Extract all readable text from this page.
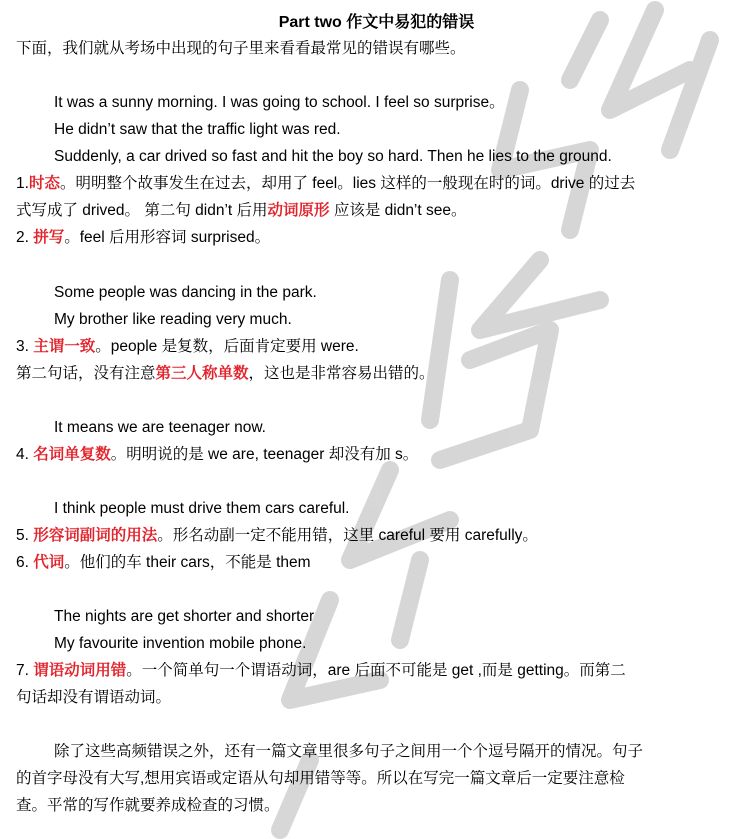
Part two 作文中易犯的错误
下面，我们就从考场中出现的句子里来看看最常见的错误有哪些。
It was a sunny morning. I was going to school. I feel so surprise。
He didn’t saw that the traffic light was red.
Suddenly, a car drived so fast and hit the boy so hard. Then he lies to the ground.
1.时态。明明整个故事发生在过去，却用了 feel。lies 这样的一般现在时的词。drive 的过去
式写成了 drived。 第二句 didn’t 后用动词原形 应该是 didn’t see。
2. 拼写。feel 后用形容词 surprised。
Some people was dancing in the park.
My brother like reading very much.
3. 主谓一致。people 是复数，后面肯定要用 were.
第二句话，没有注意第三人称单数，这也是非常容易出错的。
It means we are teenager now.
4. 名词单复数。明明说的是 we are, teenager 却没有加 s。
I think people must drive them cars careful.
5. 形容词副词的用法。形名动副一定不能用错，这里 careful 要用 carefully。
6. 代词。他们的车 their cars，不能是 them
The nights are get shorter and shorter
My favourite invention mobile phone.
7. 谓语动词用错。一个简单句一个谓语动词，are 后面不可能是 get ,而是 getting。而第二
句话却没有谓语动词。
除了这些高频错误之外，还有一篇文章里很多句子之间用一个个逗号隔开的情况。句子
的首字母没有大写,想用宾语或定语从句却用错等等。所以在写完一篇文章后一定要注意检
查。平常的写作就要养成检查的习惯。
